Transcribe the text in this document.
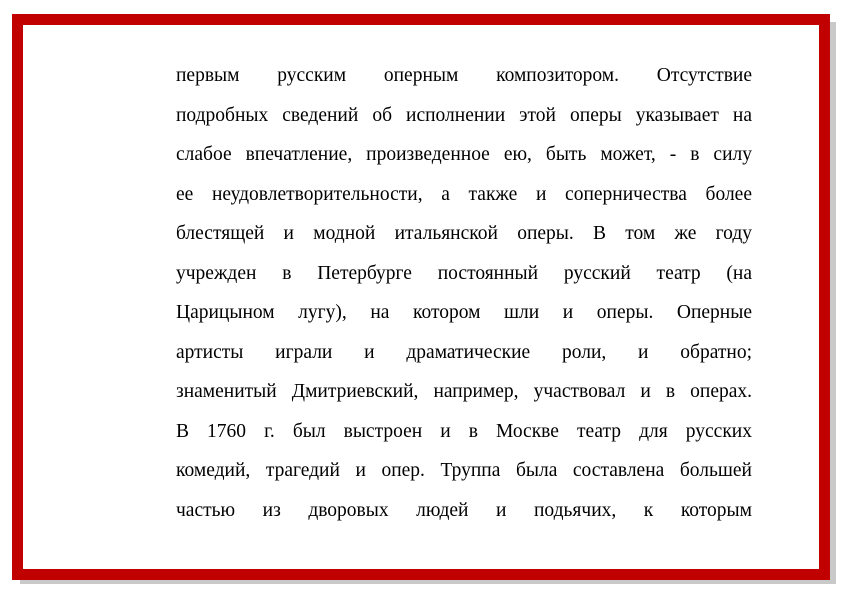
первым русским оперным композитором. Отсутствие
подробных сведений об исполнении этой оперы указывает на
слабое впечатление, произведенное ею, быть может, - в силу
ее неудовлетворительности, а также и соперничества более
блестящей и модной итальянской оперы. В том же году
учрежден в Петербурге постоянный русский театр (на
Царицыном лугу), на котором шли и оперы. Оперные
артисты играли и драматические роли, и обратно;
знаменитый Дмитриевский, например, участвовал и в операх.
В 1760 г. был выстроен и в Москве театр для русских
комедий, трагедий и опер. Труппа была составлена большей
частью из дворовых людей и подьячих, к которым
